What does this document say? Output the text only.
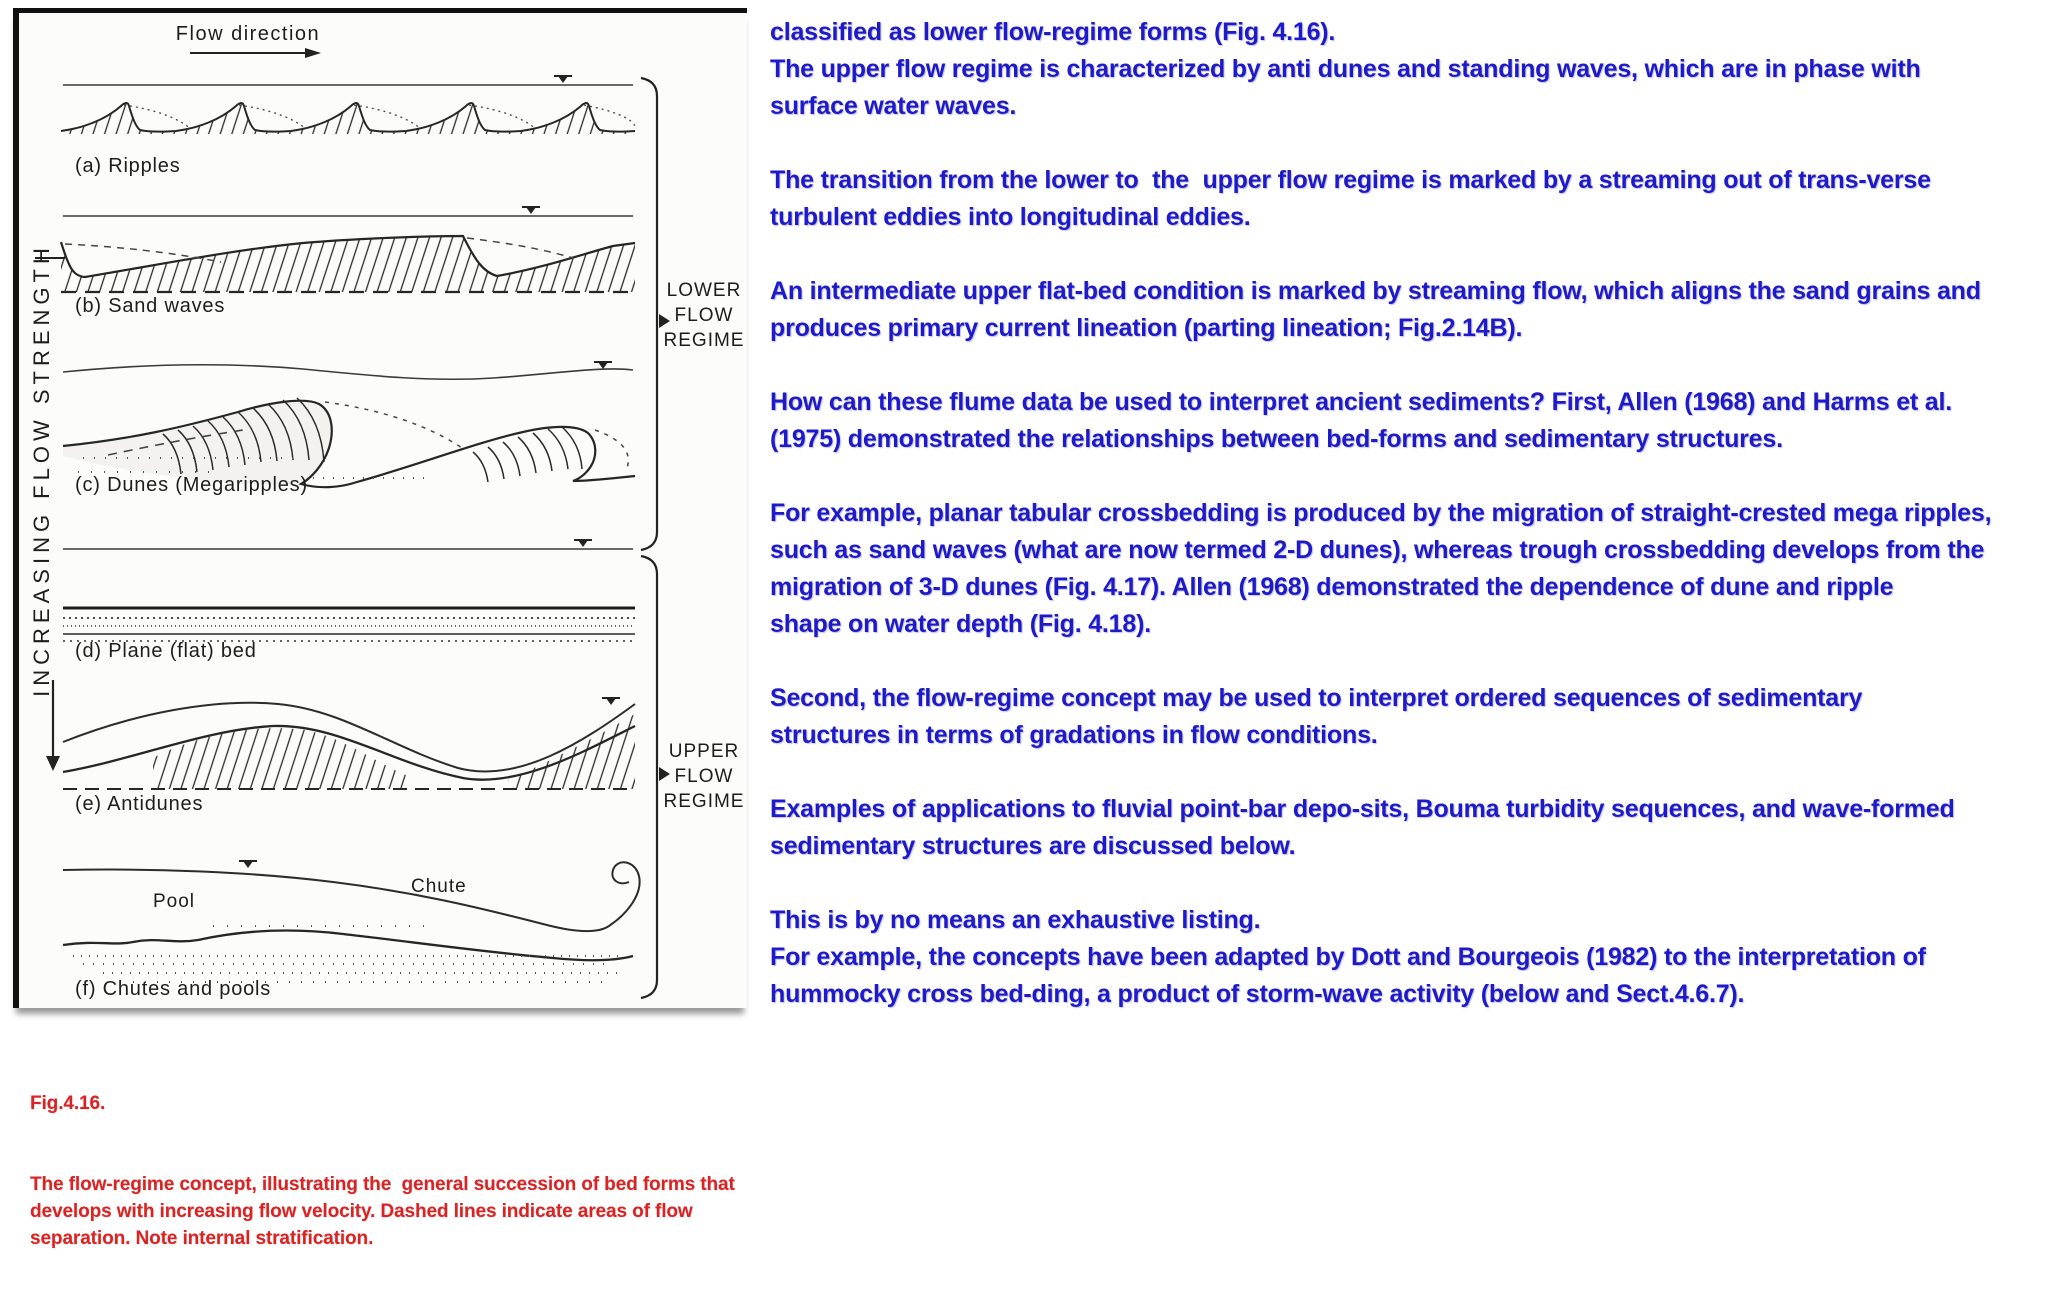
Flow direction
(a) Ripples
(b) Sand waves
LOWER
FLOW
REGIME
(c) Dunes (Megaripples)
(d) Plane (flat) bed
(e) Antidunes
UPPER
FLOW
REGIME
Pool
Chute
(f) Chutes and pools
INCREASING FLOW STRENGTH

Fig.4.16.

The flow-regime concept, illustrating the  general succession of bed forms that
develops with increasing flow velocity. Dashed lines indicate areas of flow
separation. Note internal stratification.

classified as lower flow-regime forms (Fig. 4.16).
The upper flow regime is characterized by anti dunes and standing waves, which are in phase with
surface water waves.
The transition from the lower to  the  upper flow regime is marked by a streaming out of trans-verse
turbulent eddies into longitudinal eddies.
An intermediate upper flat-bed condition is marked by streaming flow, which aligns the sand grains and
produces primary current lineation (parting lineation; Fig.2.14B).
How can these flume data be used to interpret ancient sediments? First, Allen (1968) and Harms et al.
(1975) demonstrated the relationships between bed-forms and sedimentary structures.
For example, planar tabular crossbedding is produced by the migration of straight-crested mega ripples,
such as sand waves (what are now termed 2-D dunes), whereas trough crossbedding develops from the
migration of 3-D dunes (Fig. 4.17). Allen (1968) demonstrated the dependence of dune and ripple
shape on water depth (Fig. 4.18).
Second, the flow-regime concept may be used to interpret ordered sequences of sedimentary
structures in terms of gradations in flow conditions.
Examples of applications to fluvial point-bar depo-sits, Bouma turbidity sequences, and wave-formed
sedimentary structures are discussed below.
This is by no means an exhaustive listing.
For example, the concepts have been adapted by Dott and Bourgeois (1982) to the interpretation of
hummocky cross bed-ding, a product of storm-wave activity (below and Sect.4.6.7).
